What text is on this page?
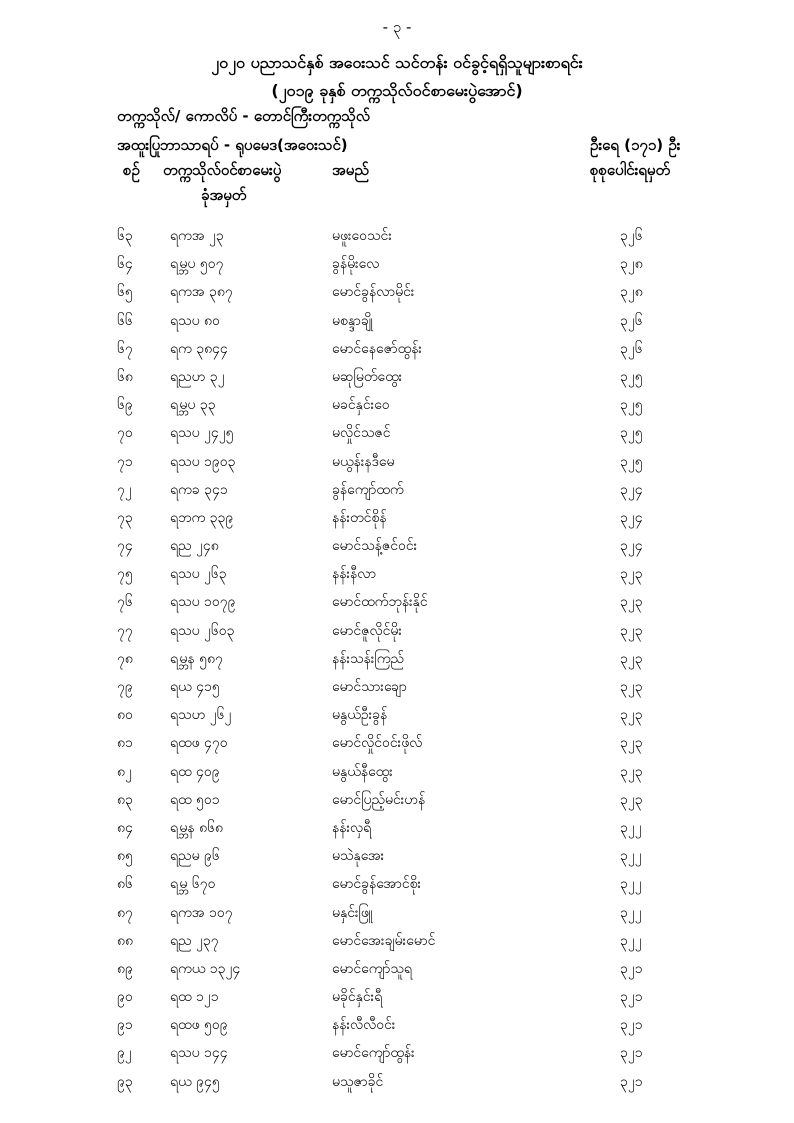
- ၃ -
၂၀၂၀ ပညာသင်နှစ် အဝေးသင် သင်တန်း ဝင်ခွင့်ရရှိသူများစာရင်း
(၂၀၁၉ ခုနှစ် တက္ကသိုလ်ဝင်စာမေးပွဲအောင်)
တက္ကသိုလ်/ ကောလိပ် - ‌တောင်ကြီးတက္ကသိုလ်
အထူးပြုဘာသာရပ် - ရုပမေဒ(အဝေးသင်)	ဦးရေ (၁၇၁) ဦး
စဉ် တက္ကသိုလ်ဝင်စာမေးပွဲ
ခုံအမှတ်
အမည်	စုစုပေါင်းရမှတ်
၆၃	ရကအ ၂၃	မဖူးဝေသင်း	၃၂၆
၆၄	ရမ္ဘပ ၅၀၇	ခွန်မိုးလေ	၃၂၈
၆၅	ရကအ ၃၈၇	မောင်ခွန်လာမိုင်း	၃၂၈
၆၆	ရသပ ၈၀	မစန္ဒာချို	၃၂၆
၆၇	ရက ၃၈၄၄	မောင်နေဇော်ထွန်း	၃၂၆
၆၈	ရညဟ ၃၂	မဆုမြတ်ထွေး	၃၂၅
၆၉	ရမ္ဘပ ၃၃	မခင်နှင်းဝေ	၃၂၅
၇၀	ရသပ ၂၄၂၅	မလှိုင်သဇင်	၃၂၅
၇၁	ရသပ ၁၉၀၃	မယွန်းနဒီမေ	၃၂၅
၇၂	ရကခ ၃၄၁	ခွန်ကျော်ထက်	၃၂၄
၇၃	ရဘက ၃၃၉	နန်းတင်စိုန်	၃၂၄
၇၄	ရည ၂၄၈	မောင်သန့်ဇင်ဝင်း	၃၂၄
၇၅	ရသပ ၂၆၃	နန်းနီလာ	၃၂၃
၇၆	ရသပ ၁၀၇၉	မောင်ထက်ဘုန်းနိုင်	၃၂၃
၇၇	ရသပ ၂၆၀၃	မောင်ဇူလိုင်မိုး	၃၂၃
၇၈	ရမ္ဘန ၅၈၇	နန်းသန်းကြည်	၃၂၃
၇၉	ရယ ၄၁၅	မောင်သားချော	၃၂၃
၈၀	ရသဟ ၂၆၂	မနွယ်ဦးခွန်	၃၂၃
၈၁	ရထဖ ၄၇၀	မောင်လှိုင်ဝင်းဖိုလ်	၃၂၃
၈၂	ရထ ၄၀၉	မနွယ်နီထွေး	၃၂၃
၈၃	ရထ ၅၀၁	မောင်ပြည့်မင်းဟန်	၃၂၃
၈၄	ရမ္ဘန ၈၆၈	နန်းလှရီ	၃၂၂
၈၅	ရညမ ၉၆	မသဲနုအေး	၃၂၂
၈၆	ရမ္ဘ ၆၇၀	မောင်ခွန်အောင်စိုး	၃၂၂
၈၇	ရကအ ၁၀၇	မနှင်းဖြူ	၃၂၂
၈၈	ရည ၂၃၇	မောင်အေးချမ်းမောင်	၃၂၂
၈၉	ရကယ ၁၃၂၄	မောင်ကျော်သူရ	၃၂၁
၉၀	ရထ ၁၂၁	မခိုင်နှင်းရီ	၃၂၁
၉၁	ရထဖ ၅၀၉	နန်းလီလီဝင်း	၃၂၁
၉၂	ရသပ ၁၄၄	မောင်ကျော်ထွန်း	၃၂၁
၉၃	ရယ ၉၄၅	မသူဇာခိုင်	၃၂၁
